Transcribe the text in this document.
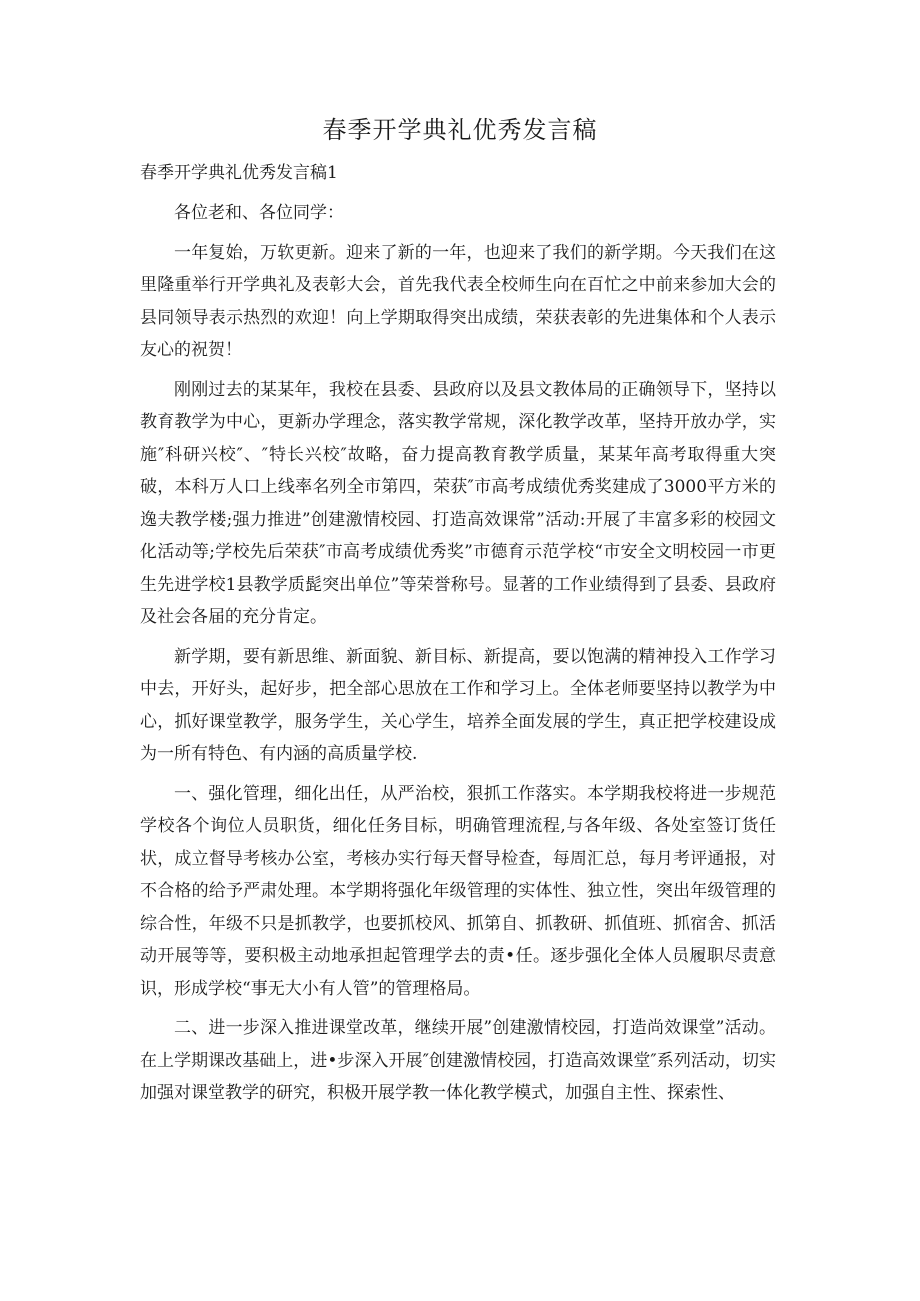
春季开学典礼优秀发言稿

春季开学典礼优秀发言稿1

各位老和、各位同学：

一年复始，万软更新。迎来了新的一年，也迎来了我们的新学期。今天我们在这里隆重举行开学典礼及表彰大会，首先我代表全校师生向在百忙之中前来参加大会的县同领导表示热烈的欢迎！向上学期取得突出成绩，荣获表彰的先进集体和个人表示友心的祝贺！

刚刚过去的某某年，我校在县委、县政府以及县文教体局的正确领导下，坚持以教育教学为中心，更新办学理念，落实教学常规，深化教学改革，坚持开放办学，实施″科研兴校″、″特长兴校″故略，奋力提高教育教学质量，某某年高考取得重大突破，本科万人口上线率名列全市第四，荣获″市高考成绩优秀奖建成了3000平方米的逸夫教学楼;强力推进”创建激情校园、打造高效课常”活动:开展了丰富多彩的校园文化活动等;学校先后荣获″市高考成绩优秀奖”市德育示范学校“市安全文明校园一市更生先进学校1县教学质髭突出单位”等荣誉称号。显著的工作业绩得到了县委、县政府及社会各届的充分肯定。

新学期，要有新思维、新面貌、新目标、新提高，要以饱满的精神投入工作学习中去，开好头，起好步，把全部心思放在工作和学习上。全体老师要坚持以教学为中心，抓好课堂教学，服务学生，关心学生，培养全面发展的学生，真正把学校建设成为一所有特色、有内涵的高质量学校.

一、强化管理，细化出任，从严治校，狠抓工作落实。本学期我校将进一步规范学校各个询位人员职货，细化任务目标，明确管理流程,与各年级、各处室签订货任状，成立督导考核办公室，考核办实行每天督导检查，每周汇总，每月考评通报，对不合格的给予严肃处理。本学期将强化年级管理的实体性、独立性，突出年级管理的综合性，年级不只是抓教学，也要抓校风、抓第自、抓教研、抓值班、抓宿舍、抓活动开展等等，要积极主动地承担起管理学去的责•任。逐步强化全体人员履职尽责意识，形成学校“事无大小有人管”的管理格局。

二、进一步深入推进课堂改革，继续开展”创建激情校园，打造尚效课堂”活动。在上学期课改基础上，进•步深入开展″创建激情校园，打造高效课堂″系列活动，切实加强对课堂教学的研究，积极开展学教一体化教学模式，加强自主性、探索性、
